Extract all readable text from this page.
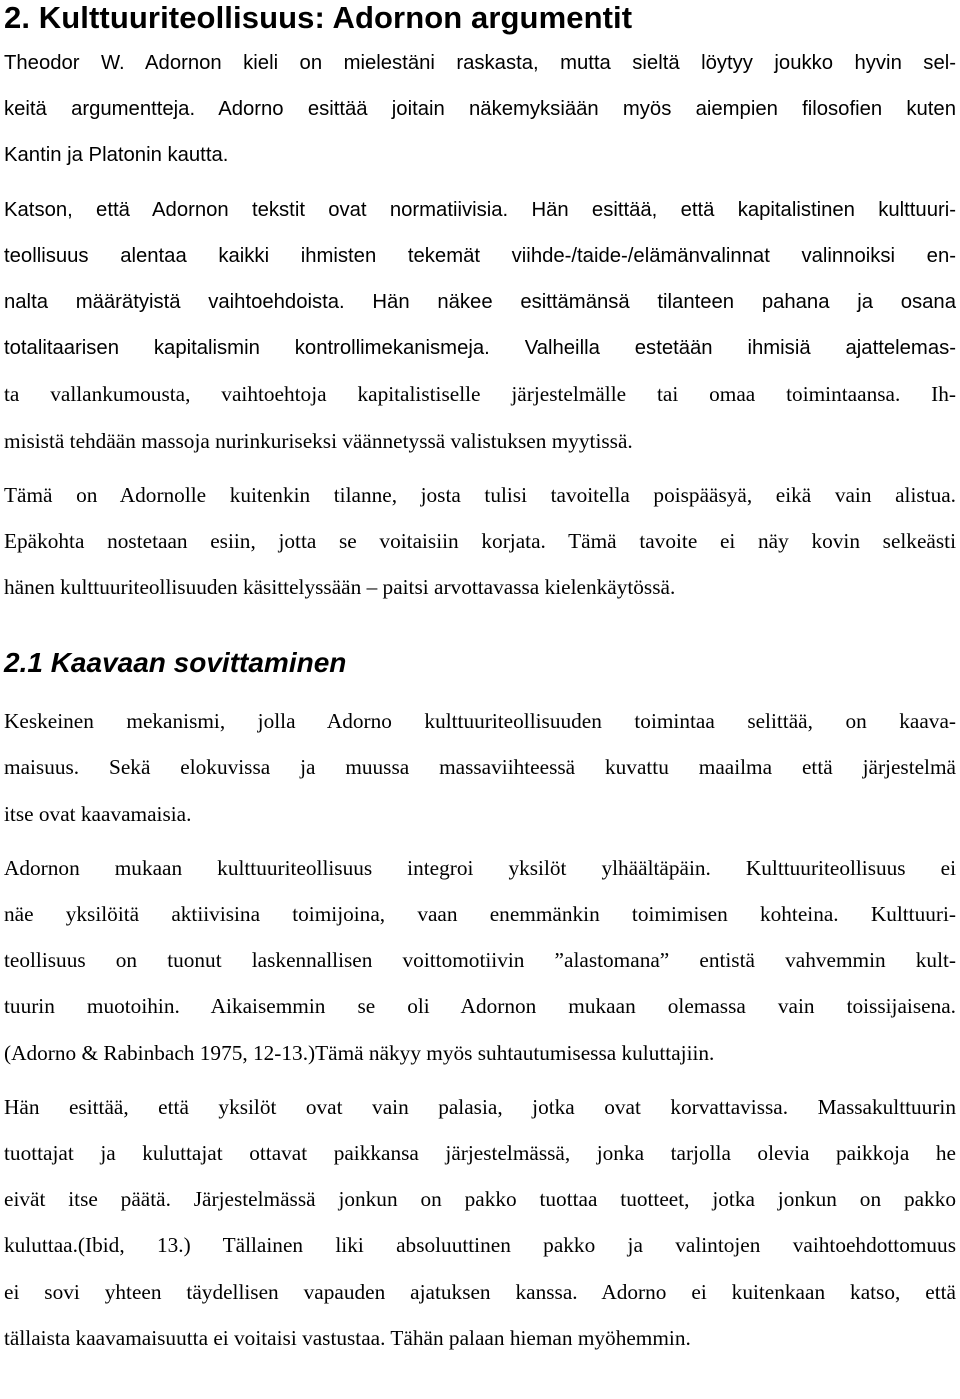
2. Kulttuuriteollisuus: Adornon argumentit
Theodor W. Adornon kieli on mielestäni raskasta, mutta sieltä löytyy joukko hyvin sel-
keitä argumentteja. Adorno esittää joitain näkemyksiään myös aiempien filosofien kuten
Kantin ja Platonin kautta.
Katson, että Adornon tekstit ovat normatiivisia. Hän esittää, että kapitalistinen kulttuuri-
teollisuus alentaa kaikki ihmisten tekemät viihde-/taide-/elämänvalinnat valinnoiksi en-
nalta määrätyistä vaihtoehdoista. Hän näkee esittämänsä tilanteen pahana ja osana
totalitaarisen kapitalismin kontrollimekanismeja. Valheilla estetään ihmisiä ajattelemas-
ta vallankumousta, vaihtoehtoja kapitalistiselle järjestelmälle tai omaa toimintaansa. Ih-
misistä tehdään massoja nurinkuriseksi väännetyssä valistuksen myytissä.
Tämä on Adornolle kuitenkin tilanne, josta tulisi tavoitella poispääsyä, eikä vain alistua.
Epäkohta nostetaan esiin, jotta se voitaisiin korjata. Tämä tavoite ei näy kovin selkeästi
hänen kulttuuriteollisuuden käsittelyssään – paitsi arvottavassa kielenkäytössä.
2.1 Kaavaan sovittaminen
Keskeinen mekanismi, jolla Adorno kulttuuriteollisuuden toimintaa selittää, on kaava-
maisuus. Sekä elokuvissa ja muussa massaviihteessä kuvattu maailma että järjestelmä
itse ovat kaavamaisia.
Adornon mukaan kulttuuriteollisuus integroi yksilöt ylhäältäpäin. Kulttuuriteollisuus ei
näe yksilöitä aktiivisina toimijoina, vaan enemmänkin toimimisen kohteina. Kulttuuri-
teollisuus on tuonut laskennallisen voittomotiivin ”alastomana” entistä vahvemmin kult-
tuurin muotoihin. Aikaisemmin se oli Adornon mukaan olemassa vain toissijaisena.
(Adorno & Rabinbach 1975, 12-13.)Tämä näkyy myös suhtautumisessa kuluttajiin.
Hän esittää, että yksilöt ovat vain palasia, jotka ovat korvattavissa. Massakulttuurin
tuottajat ja kuluttajat ottavat paikkansa järjestelmässä, jonka tarjolla olevia paikkoja he
eivät itse päätä. Järjestelmässä jonkun on pakko tuottaa tuotteet, jotka jonkun on pakko
kuluttaa.(Ibid, 13.) Tällainen liki absoluuttinen pakko ja valintojen vaihtoehdottomuus
ei sovi yhteen täydellisen vapauden ajatuksen kanssa. Adorno ei kuitenkaan katso, että
tällaista kaavamaisuutta ei voitaisi vastustaa. Tähän palaan hieman myöhemmin.
